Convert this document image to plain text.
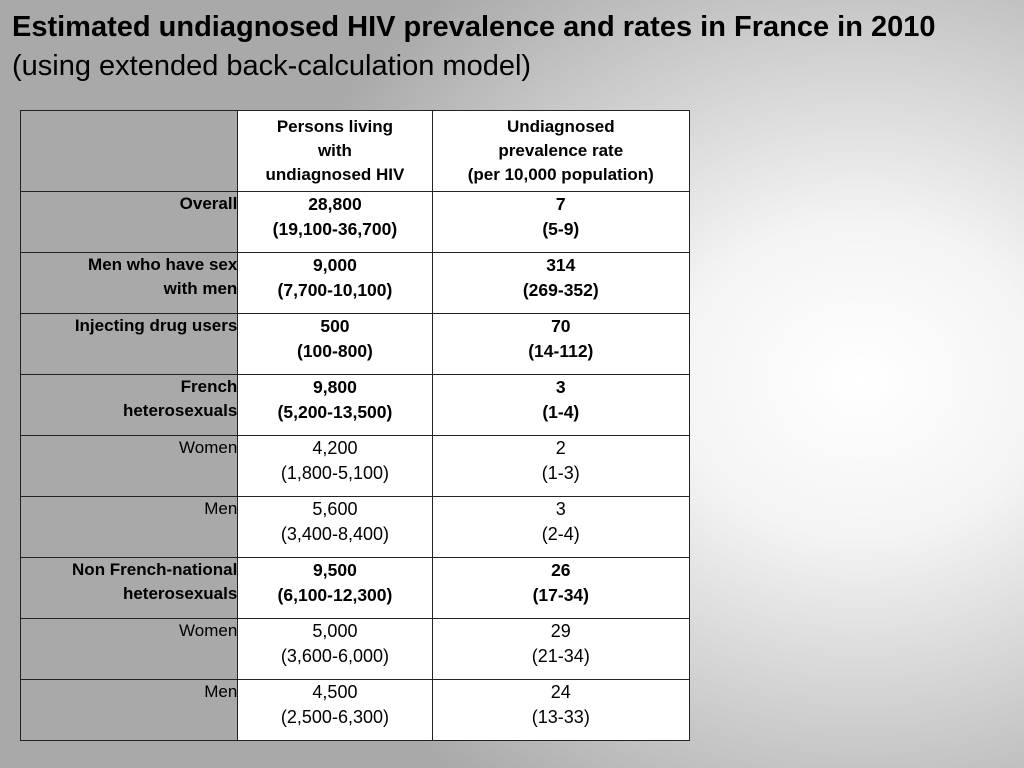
Estimated undiagnosed HIV prevalence and rates in France in 2010 (using extended back-calculation model)

	Persons living
with
undiagnosed HIV	Undiagnosed
prevalence rate
(per 10,000 population)

Overall	28,800
(19,100-36,700)	7
(5-9)

Men who have sex
with men	9,000
(7,700-10,100)	314
(269-352)

Injecting drug users	500
(100-800)	70
(14-112)

French
heterosexuals	9,800
(5,200-13,500)	3
(1-4)

Women	4,200
(1,800-5,100)	2
(1-3)

Men	5,600
(3,400-8,400)	3
(2-4)

Non French-national
heterosexuals	9,500
(6,100-12,300)	26
(17-34)

Women	5,000
(3,600-6,000)	29
(21-34)

Men	4,500
(2,500-6,300)	24
(13-33)
